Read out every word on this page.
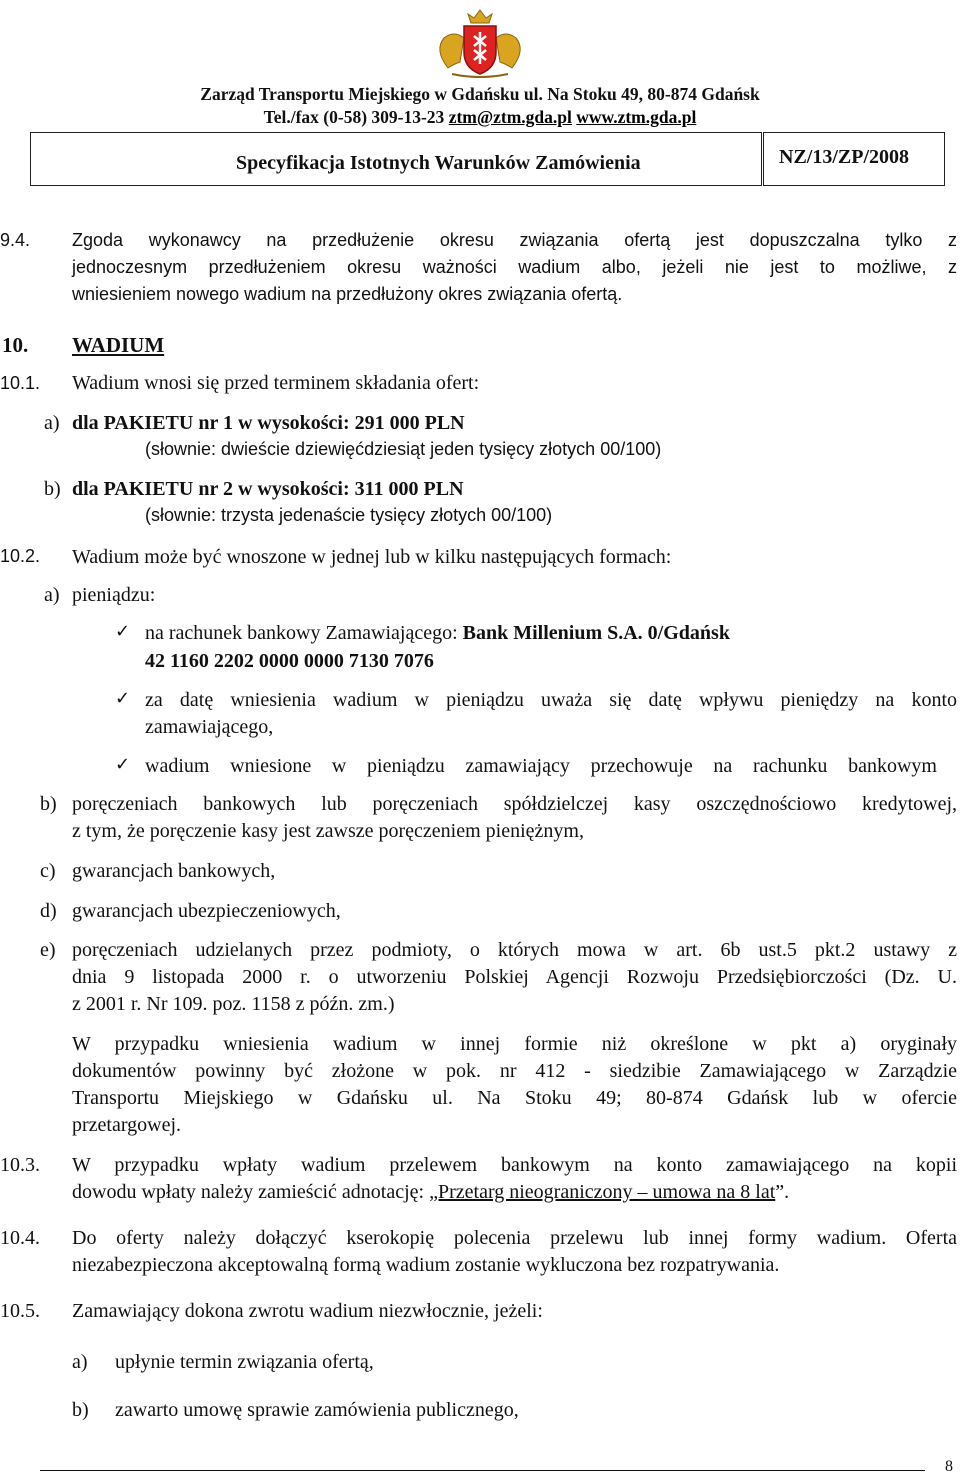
Zarząd Transportu Miejskiego w Gdańsku ul. Na Stoku 49, 80-874 Gdańsk
Tel./fax (0-58) 309-13-23 ztm@ztm.gda.pl www.ztm.gda.pl
Specyfikacja Istotnych Warunków Zamówienia	NZ/13/ZP/2008
9.4. Zgoda wykonawcy na przedłużenie okresu związania ofertą jest dopuszczalna tylko z
jednoczesnym przedłużeniem okresu ważności wadium albo, jeżeli nie jest to możliwe, z
wniesieniem nowego wadium na przedłużony okres związania ofertą.
10. WADIUM
10.1. Wadium wnosi się przed terminem składania ofert:
a) dla PAKIETU nr 1 w wysokości: 291 000 PLN
(słownie: dwieście dziewięćdziesiąt jeden tysięcy złotych 00/100)
b) dla PAKIETU nr 2 w wysokości: 311 000 PLN
(słownie: trzysta jedenaście tysięcy złotych 00/100)
10.2. Wadium może być wnoszone w jednej lub w kilku następujących formach:
a) pieniądzu:
✓ na rachunek bankowy Zamawiającego: Bank Millenium S.A. 0/Gdańsk
42 1160 2202 0000 0000 7130 7076
✓ za datę wniesienia wadium w pieniądzu uważa się datę wpływu pieniędzy na konto
zamawiającego,
✓ wadium wniesione w pieniądzu zamawiający przechowuje na rachunku bankowym
b) poręczeniach bankowych lub poręczeniach spółdzielczej kasy oszczędnościowo kredytowej,
z tym, że poręczenie kasy jest zawsze poręczeniem pieniężnym,
c) gwarancjach bankowych,
d) gwarancjach ubezpieczeniowych,
e) poręczeniach udzielanych przez podmioty, o których mowa w art. 6b ust.5 pkt.2 ustawy z
dnia 9 listopada 2000 r. o utworzeniu Polskiej Agencji Rozwoju Przedsiębiorczości (Dz. U.
z 2001 r. Nr 109. poz. 1158 z późn. zm.)
W przypadku wniesienia wadium w innej formie niż określone w pkt a) oryginały
dokumentów powinny być złożone w pok. nr 412 - siedzibie Zamawiającego w Zarządzie
Transportu Miejskiego w Gdańsku ul. Na Stoku 49; 80-874 Gdańsk lub w ofercie
przetargowej.
10.3. W przypadku wpłaty wadium przelewem bankowym na konto zamawiającego na kopii
dowodu wpłaty należy zamieścić adnotację: „Przetarg nieograniczony – umowa na 8 lat”.
10.4. Do oferty należy dołączyć kserokopię polecenia przelewu lub innej formy wadium. Oferta
niezabezpieczona akceptowalną formą wadium zostanie wykluczona bez rozpatrywania.
10.5. Zamawiający dokona zwrotu wadium niezwłocznie, jeżeli:
a) upłynie termin związania ofertą,
b) zawarto umowę sprawie zamówienia publicznego,
8
